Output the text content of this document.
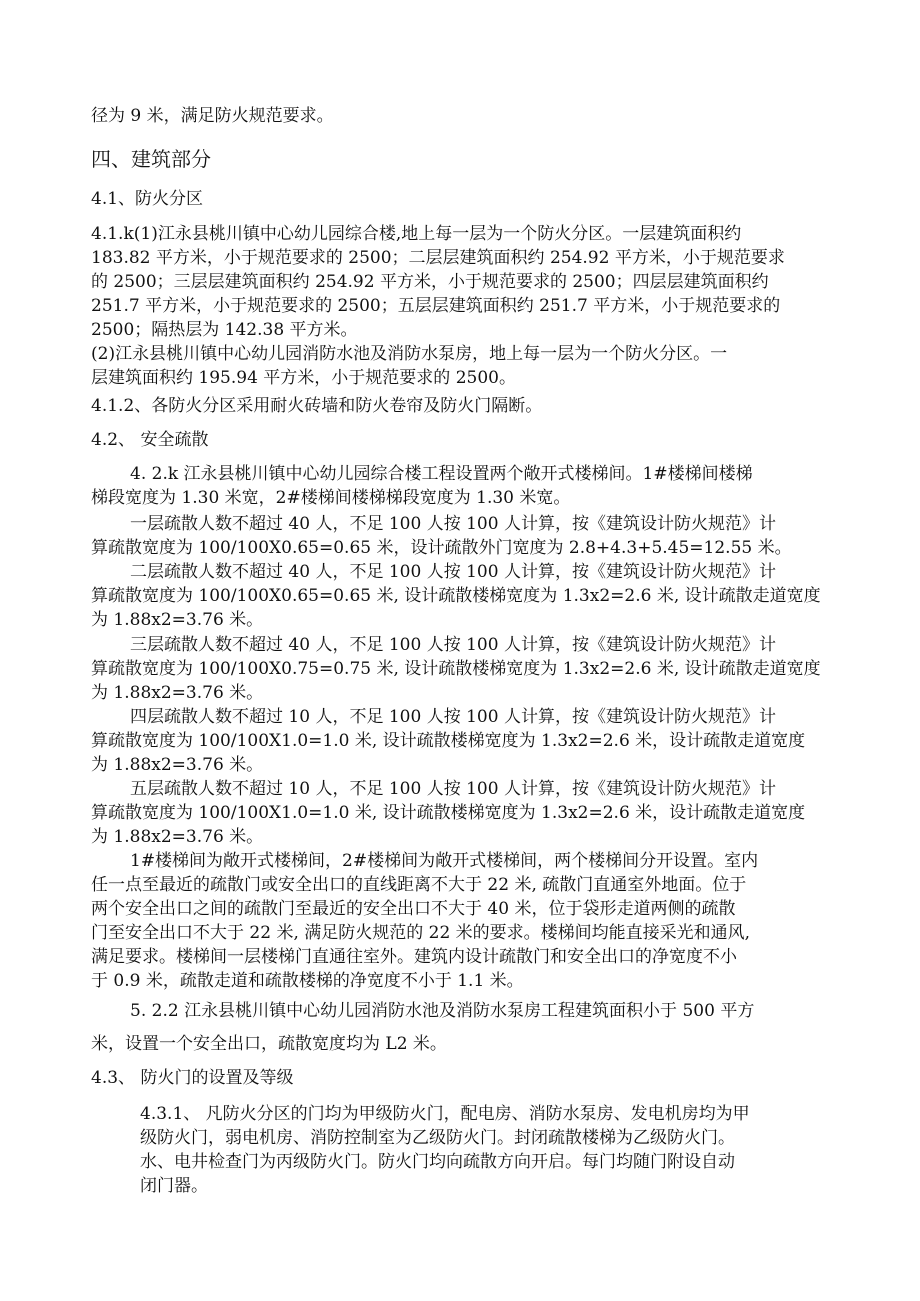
径为 9 米，满足防火规范要求。
四、建筑部分
4.1、防火分区
4.1.k(1)江永县桃川镇中心幼儿园综合楼,地上每一层为一个防火分区。一层建筑面积约
183.82 平方米，小于规范要求的 2500；二层层建筑面积约 254.92 平方米，小于规范要求
的 2500；三层层建筑面积约 254.92 平方米，小于规范要求的 2500；四层层建筑面积约
251.7 平方米，小于规范要求的 2500；五层层建筑面积约 251.7 平方米，小于规范要求的
2500；隔热层为 142.38 平方米。
(2)江永县桃川镇中心幼儿园消防水池及消防水泵房，地上每一层为一个防火分区。一
层建筑面积约 195.94 平方米，小于规范要求的 2500。
4.1.2、各防火分区采用耐火砖墙和防火卷帘及防火门隔断。
4.2、 安全疏散
4. 2.k 江永县桃川镇中心幼儿园综合楼工程设置两个敞开式楼梯间。1#楼梯间楼梯
梯段宽度为 1.30 米宽，2#楼梯间楼梯梯段宽度为 1.30 米宽。
一层疏散人数不超过 40 人，不足 100 人按 100 人计算，按《建筑设计防火规范》计
算疏散宽度为 100/100X0.65=0.65 米，设计疏散外门宽度为 2.8+4.3+5.45=12.55 米。
二层疏散人数不超过 40 人，不足 100 人按 100 人计算，按《建筑设计防火规范》计
算疏散宽度为 100/100X0.65=0.65 米, 设计疏散楼梯宽度为 1.3x2=2.6 米, 设计疏散走道宽度
为 1.88x2=3.76 米。
三层疏散人数不超过 40 人，不足 100 人按 100 人计算，按《建筑设计防火规范》计
算疏散宽度为 100/100X0.75=0.75 米, 设计疏散楼梯宽度为 1.3x2=2.6 米, 设计疏散走道宽度
为 1.88x2=3.76 米。
四层疏散人数不超过 10 人，不足 100 人按 100 人计算，按《建筑设计防火规范》计
算疏散宽度为 100/100X1.0=1.0 米, 设计疏散楼梯宽度为 1.3x2=2.6 米，设计疏散走道宽度
为 1.88x2=3.76 米。
五层疏散人数不超过 10 人，不足 100 人按 100 人计算，按《建筑设计防火规范》计
算疏散宽度为 100/100X1.0=1.0 米, 设计疏散楼梯宽度为 1.3x2=2.6 米，设计疏散走道宽度
为 1.88x2=3.76 米。
1#楼梯间为敞开式楼梯间，2#楼梯间为敞开式楼梯间，两个楼梯间分开设置。室内
任一点至最近的疏散门或安全出口的直线距离不大于 22 米, 疏散门直通室外地面。位于
两个安全出口之间的疏散门至最近的安全出口不大于 40 米，位于袋形走道两侧的疏散
门至安全出口不大于 22 米, 满足防火规范的 22 米的要求。楼梯间均能直接采光和通风,
满足要求。楼梯间一层楼梯门直通往室外。建筑内设计疏散门和安全出口的净宽度不小
于 0.9 米，疏散走道和疏散楼梯的净宽度不小于 1.1 米。
5. 2.2 江永县桃川镇中心幼儿园消防水池及消防水泵房工程建筑面积小于 500 平方
米，设置一个安全出口，疏散宽度均为 L2 米。
4.3、 防火门的设置及等级
4.3.1、 凡防火分区的门均为甲级防火门，配电房、消防水泵房、发电机房均为甲
级防火门，弱电机房、消防控制室为乙级防火门。封闭疏散楼梯为乙级防火门。
水、电井检查门为丙级防火门。防火门均向疏散方向开启。每门均随门附设自动
闭门器。
